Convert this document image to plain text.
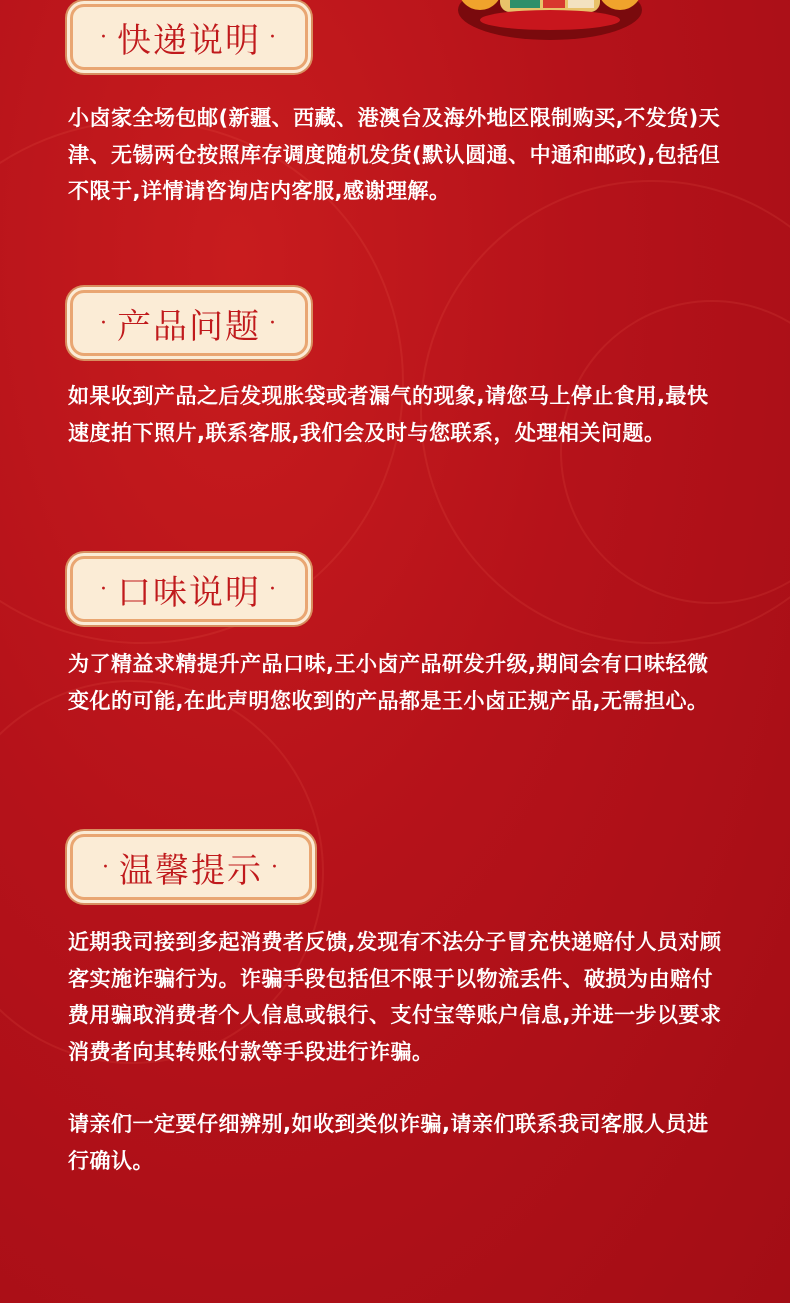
· 快递说明 ·

小卤家全场包邮(新疆、西藏、港澳台及海外地区限制购买,不发货)天津、无锡两仓按照库存调度随机发货(默认圆通、中通和邮政),包括但不限于,详情请咨询店内客服,感谢理解。

· 产品问题 ·

如果收到产品之后发现胀袋或者漏气的现象,请您马上停止食用,最快速度拍下照片,联系客服,我们会及时与您联系，处理相关问题。

· 口味说明 ·

为了精益求精提升产品口味,王小卤产品研发升级,期间会有口味轻微变化的可能,在此声明您收到的产品都是王小卤正规产品,无需担心。

· 温馨提示 ·

近期我司接到多起消费者反馈,发现有不法分子冒充快递赔付人员对顾客实施诈骗行为。诈骗手段包括但不限于以物流丢件、破损为由赔付费用骗取消费者个人信息或银行、支付宝等账户信息,并进一步以要求消费者向其转账付款等手段进行诈骗。

请亲们一定要仔细辨别,如收到类似诈骗,请亲们联系我司客服人员进行确认。
